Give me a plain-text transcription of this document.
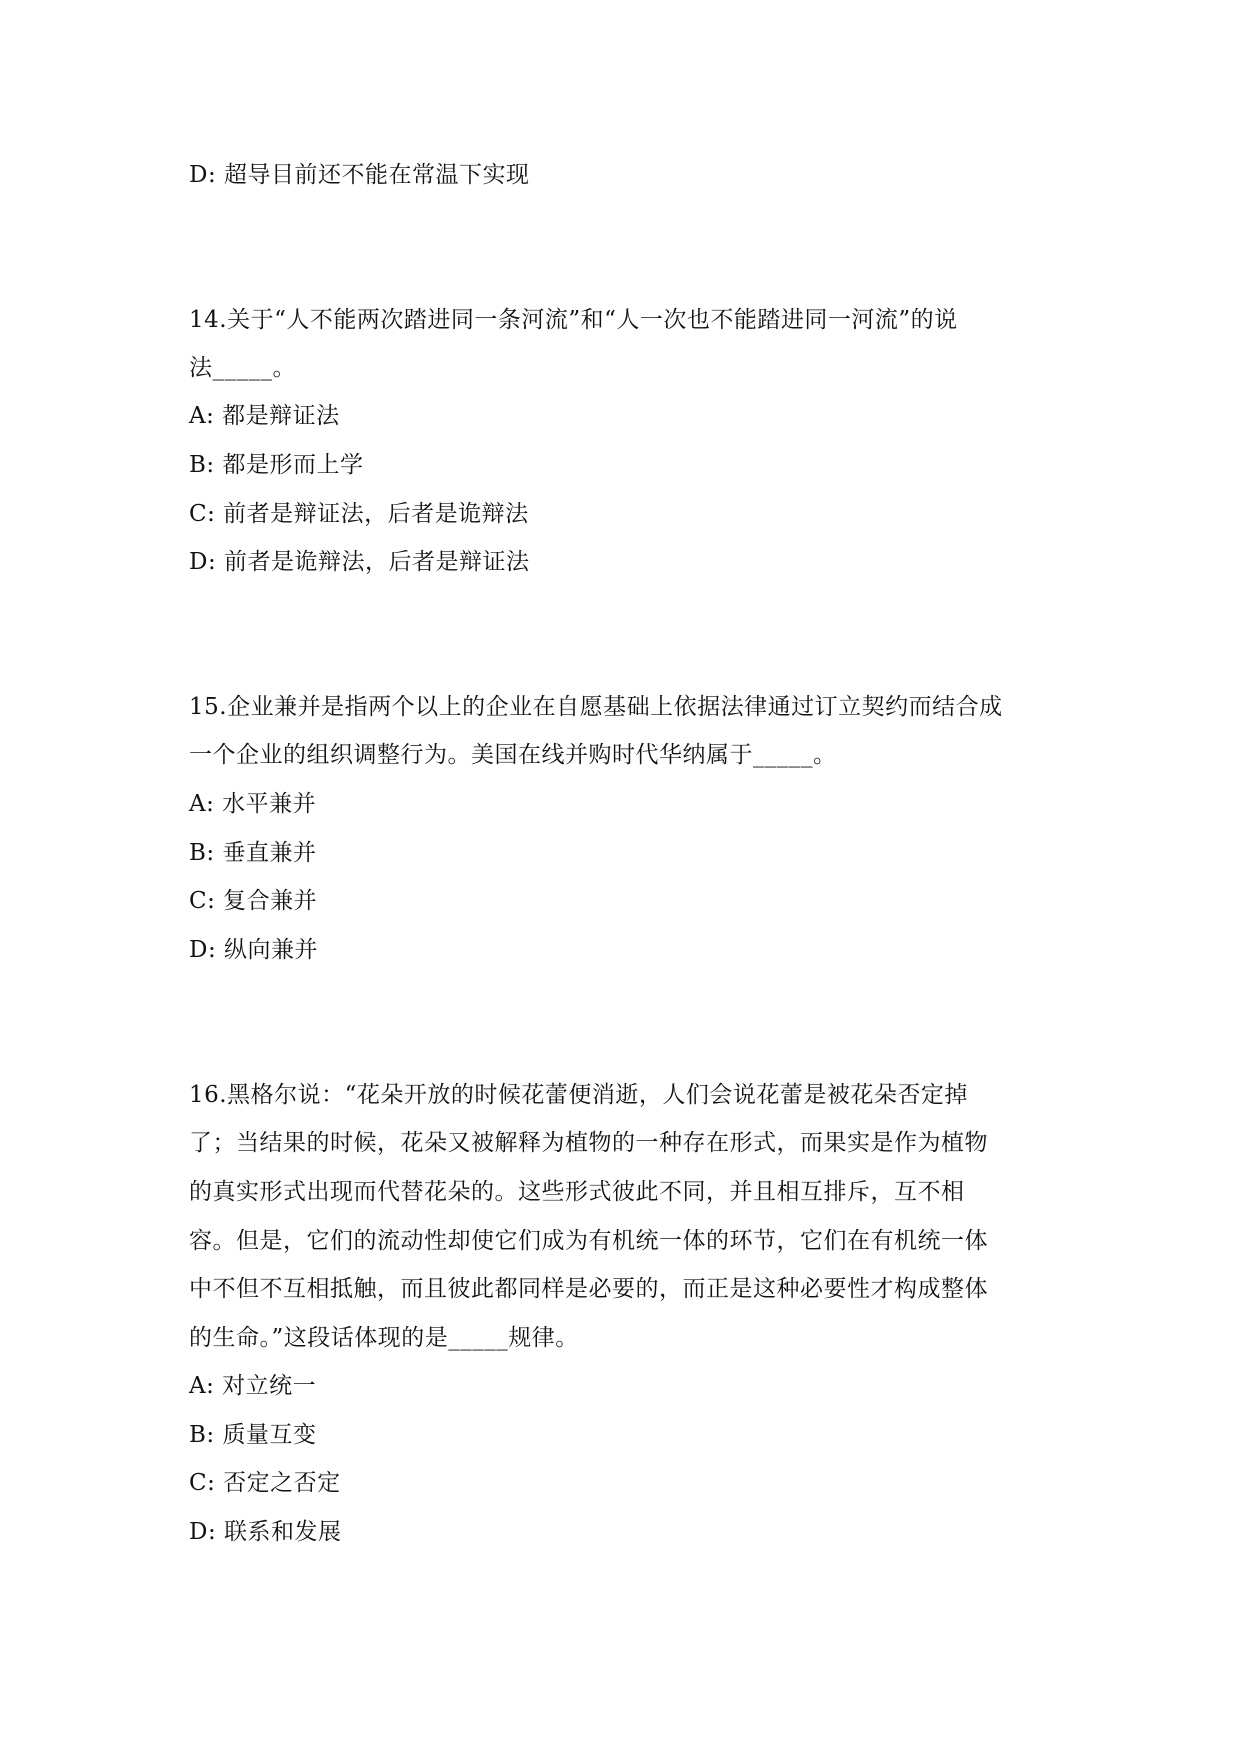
D: 超导目前还不能在常温下实现
14.关于“人不能两次踏进同一条河流”和“人一次也不能踏进同一河流”的说
法_____。
A: 都是辩证法
B: 都是形而上学
C: 前者是辩证法，后者是诡辩法
D: 前者是诡辩法，后者是辩证法
15.企业兼并是指两个以上的企业在自愿基础上依据法律通过订立契约而结合成
一个企业的组织调整行为。美国在线并购时代华纳属于_____。
A: 水平兼并
B: 垂直兼并
C: 复合兼并
D: 纵向兼并
16.黑格尔说：“花朵开放的时候花蕾便消逝，人们会说花蕾是被花朵否定掉
了；当结果的时候，花朵又被解释为植物的一种存在形式，而果实是作为植物
的真实形式出现而代替花朵的。这些形式彼此不同，并且相互排斥，互不相
容。但是，它们的流动性却使它们成为有机统一体的环节，它们在有机统一体
中不但不互相抵触，而且彼此都同样是必要的，而正是这种必要性才构成整体
的生命。”这段话体现的是_____规律。
A: 对立统一
B: 质量互变
C: 否定之否定
D: 联系和发展
